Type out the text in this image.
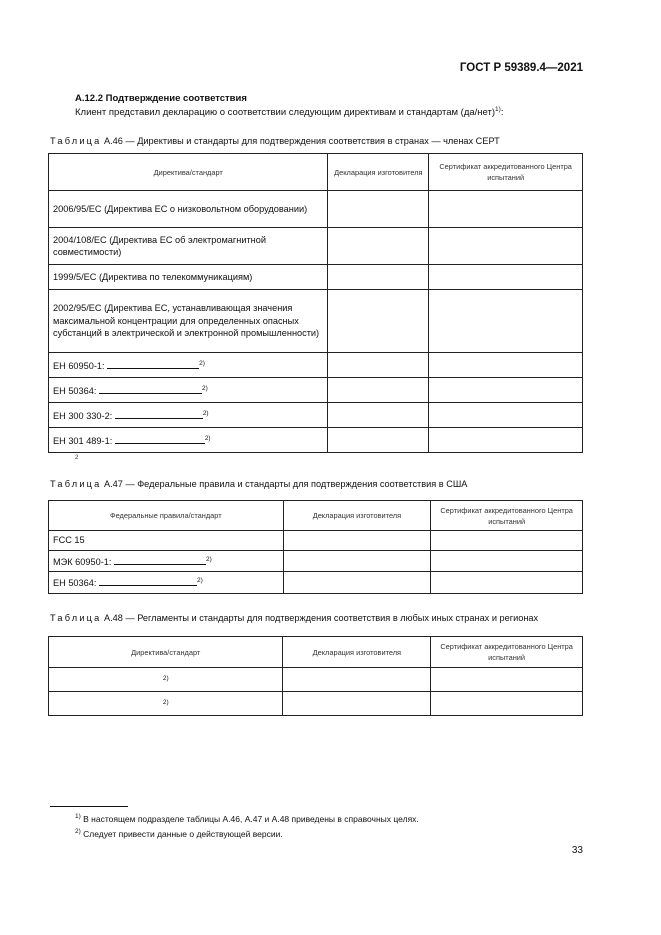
ГОСТ Р 59389.4—2021
A.12.2 Подтверждение соответствия
Клиент представил декларацию о соответствии следующим директивам и стандартам $(да/нет)^{1)}$:
Таблица А.46 — Директивы и стандарты для подтверждения соответствия в странах — членах СЕРТ
Директива/стандарт	Декларация изготовителя	Сертификат аккредитованного Центра испытаний
2006/95/ЕС (Директива ЕС о низковольтном оборудовании)		
2004/108/ЕС (Директива ЕС об электромагнитной совместимости)		
1999/5/ЕС (Директива по телекоммуникациям)		
2002/95/ЕС (Директива ЕС, устанавливающая значения максимальной концентрации для определенных опасных субстанций в электрической и электронной промышленности)		
ЕН 60950-1: $^{2)}$		
ЕН 50364: $^{2)}$		
ЕН 300 330-2: $^{2)}$		
ЕН 301 489-1: $^{2)}$		
2
Таблица А.47 — Федеральные правила и стандарты для подтверждения соответствия в США
Федеральные правила/стандарт	Декларация изготовителя	Сертификат аккредитованного Центра испытаний
FCC 15		
МЭК 60950-1: $^{2)}$		
ЕН 50364: $^{2)}$		
Таблица А.48 — Регламенты и стандарты для подтверждения соответствия в любых иных странах и регионах
Директива/стандарт	Декларация изготовителя	Сертификат аккредитованного Центра испытаний
2)		
2)		
$^{1)}$ В настоящем подразделе таблицы А.46, А.47 и А.48 приведены в справочных целях.
$^{2)}$ Следует привести данные о действующей версии.
33
